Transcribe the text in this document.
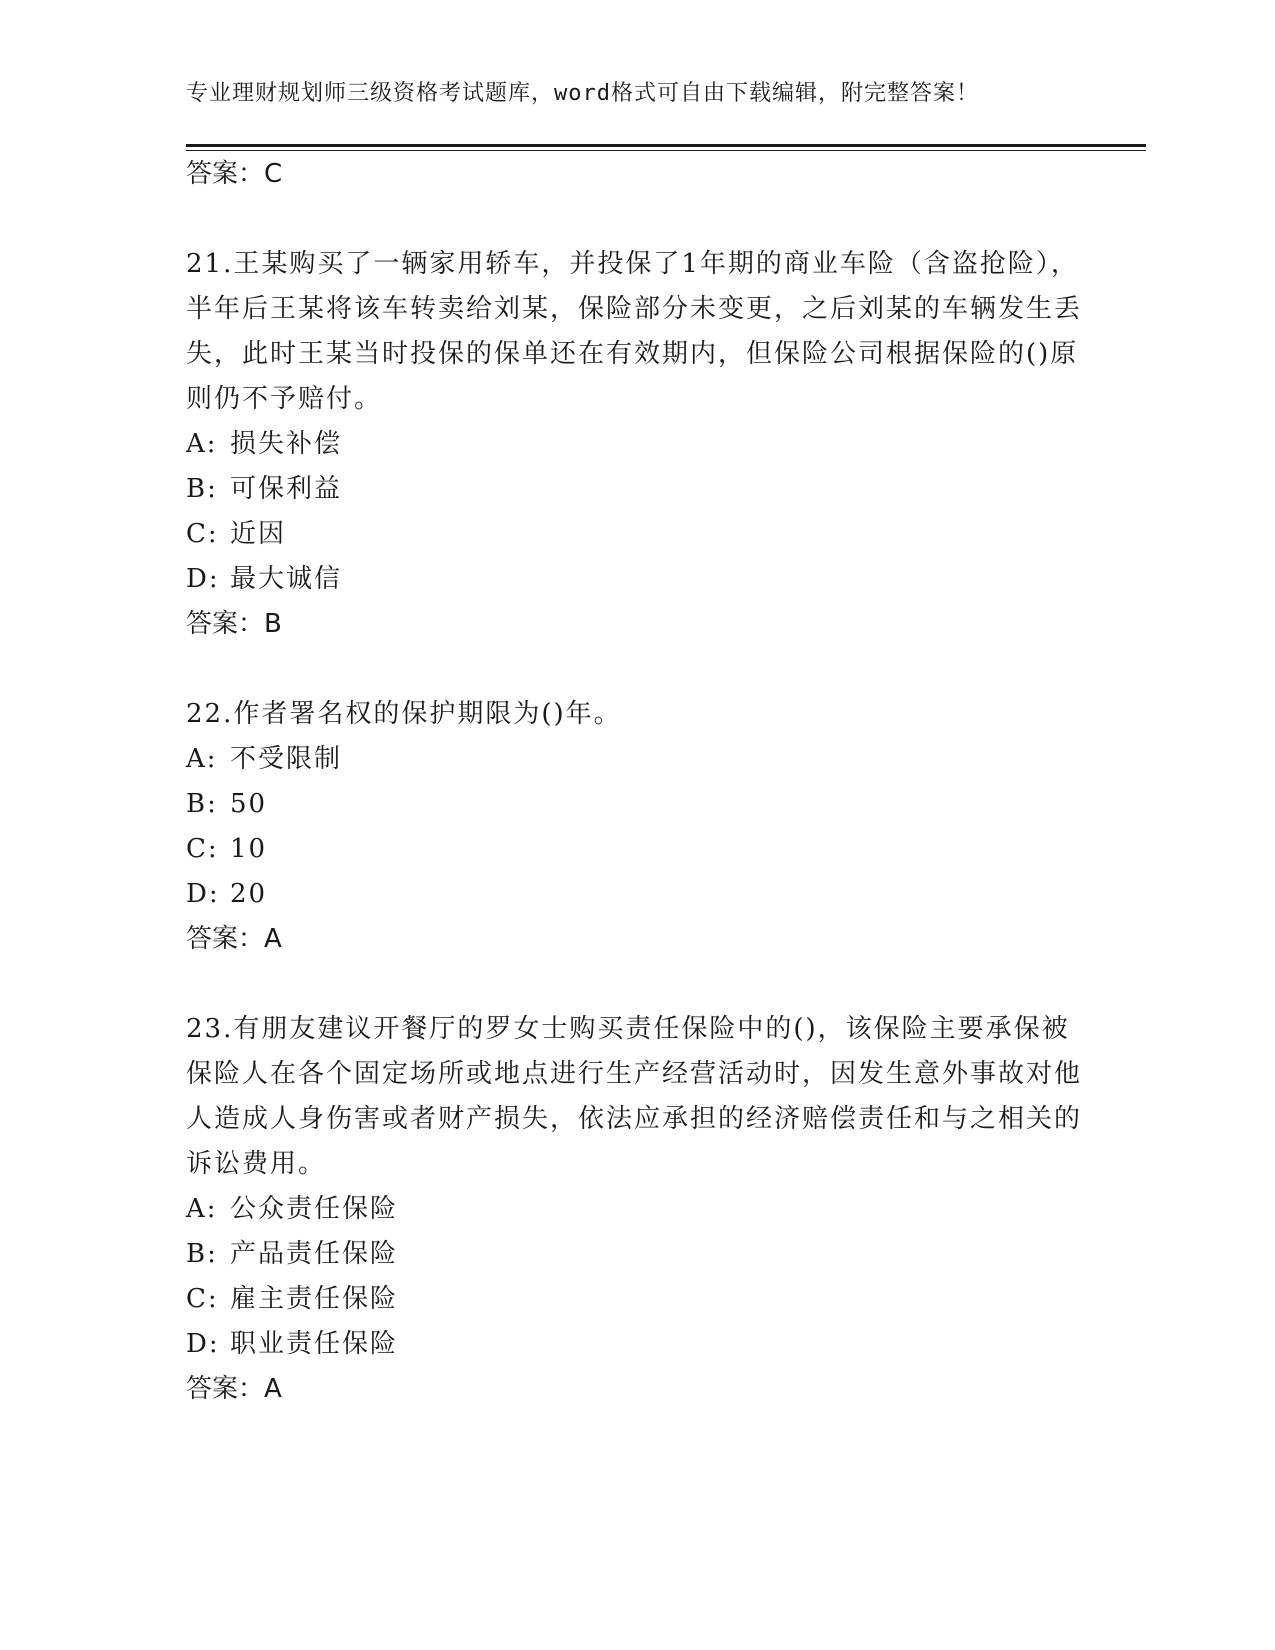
专业理财规划师三级资格考试题库，word格式可自由下载编辑，附完整答案！
答案：C
21.王某购买了一辆家用轿车，并投保了1年期的商业车险（含盗抢险），半年后王某将该车转卖给刘某，保险部分未变更，之后刘某的车辆发生丢失，此时王某当时投保的保单还在有效期内，但保险公司根据保险的()原则仍不予赔付。
A: 损失补偿
B: 可保利益
C: 近因
D: 最大诚信
答案：B
22.作者署名权的保护期限为()年。
A: 不受限制
B: 50
C: 10
D: 20
答案：A
23.有朋友建议开餐厅的罗女士购买责任保险中的()，该保险主要承保被保险人在各个固定场所或地点进行生产经营活动时，因发生意外事故对他人造成人身伤害或者财产损失，依法应承担的经济赔偿责任和与之相关的诉讼费用。
A: 公众责任保险
B: 产品责任保险
C: 雇主责任保险
D: 职业责任保险
答案：A
